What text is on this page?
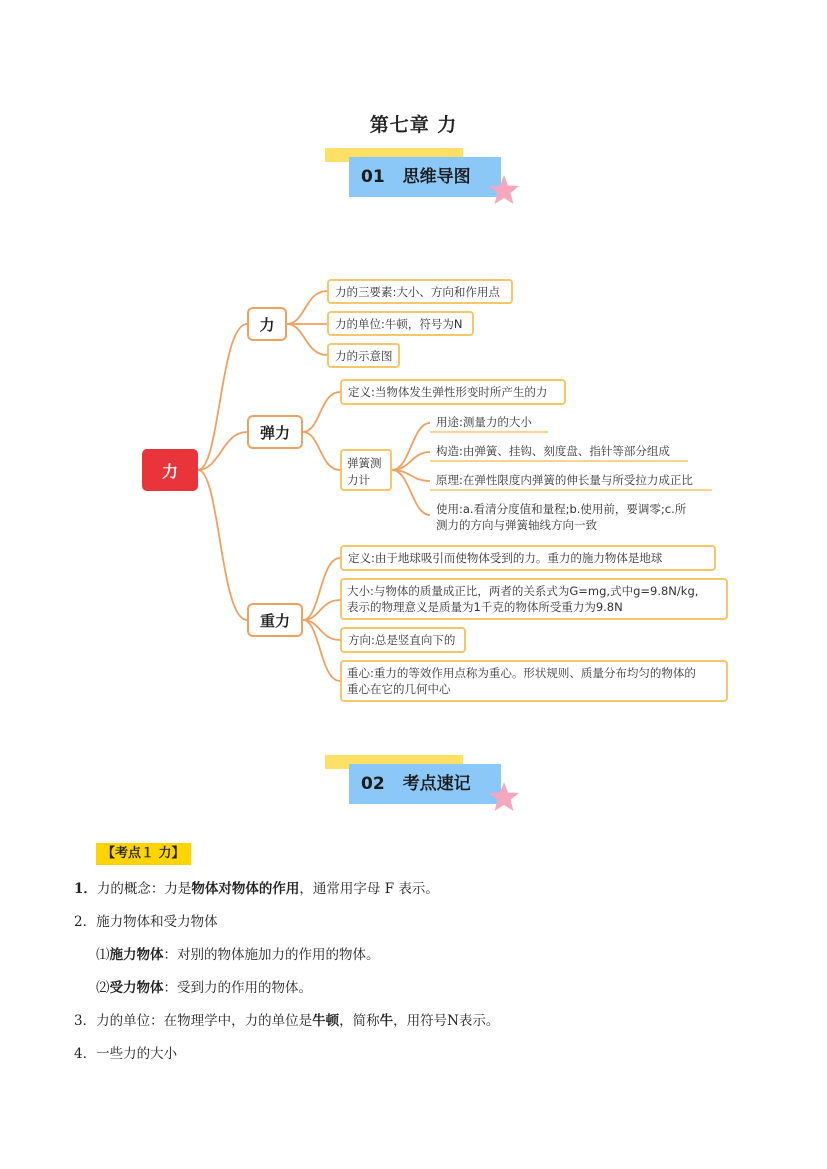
第七章 力
01 思维导图
力
力
力的三要素:大小、方向和作用点
力的单位:牛顿，符号为N
力的示意图
弹力
定义:当物体发生弹性形变时所产生的力
弹簧测
力计
用途:测量力的大小
构造:由弹簧、挂钩、刻度盘、指针等部分组成
原理:在弹性限度内弹簧的伸长量与所受拉力成正比
使用:a.看清分度值和量程;b.使用前，要调零;c.所
测力的方向与弹簧轴线方向一致
重力
定义:由于地球吸引而使物体受到的力。重力的施力物体是地球
大小:与物体的质量成正比，两者的关系式为G=mg,式中g=9.8N/kg,
表示的物理意义是质量为1千克的物体所受重力为9.8N
方向:总是竖直向下的
重心:重力的等效作用点称为重心。形状规则、质量分布均匀的物体的
重心在它的几何中心
02 考点速记
【考点１ 力】
1．力的概念：力是物体对物体的作用，通常用字母 F 表示。
2．施力物体和受力物体
⑴施力物体：对别的物体施加力的作用的物体。
⑵受力物体：受到力的作用的物体。
3．力的单位：在物理学中，力的单位是牛顿，简称牛，用符号N表示。
4．一些力的大小
